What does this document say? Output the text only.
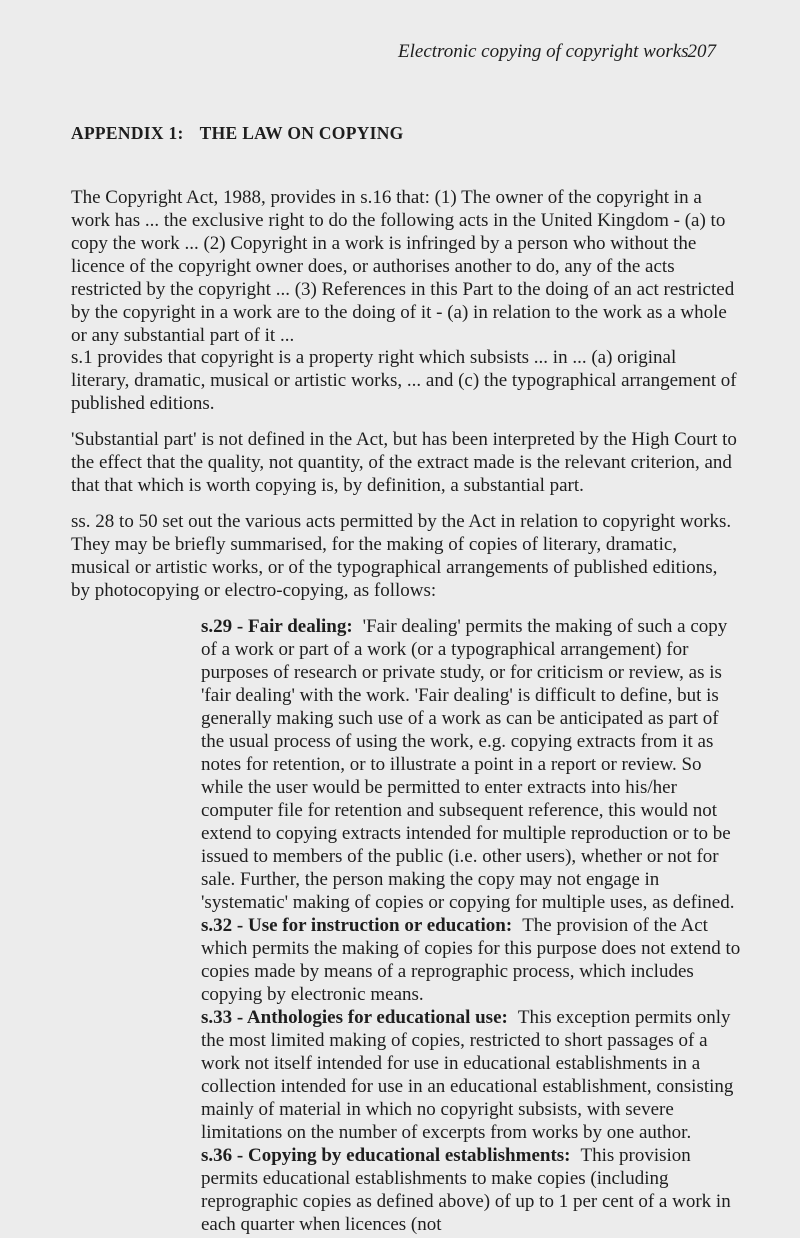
Electronic copying of copyright works
207
APPENDIX 1: THE LAW ON COPYING

The Copyright Act, 1988, provides in s.16 that: (1) The owner of the copyright in a work has ... the exclusive right to do the following acts in the United Kingdom - (a) to copy the work ... (2) Copyright in a work is infringed by a person who without the licence of the copyright owner does, or authorises another to do, any of the acts restricted by the copyright ... (3) References in this Part to the doing of an act restricted by the copyright in a work are to the doing of it - (a) in relation to the work as a whole or any substantial part of it ...

s.1 provides that copyright is a property right which subsists ... in ... (a) original literary, dramatic, musical or artistic works, ... and (c) the typographical arrangement of published editions.

'Substantial part' is not defined in the Act, but has been interpreted by the High Court to the effect that the quality, not quantity, of the extract made is the relevant criterion, and that that which is worth copying is, by definition, a substantial part.

ss. 28 to 50 set out the various acts permitted by the Act in relation to copyright works. They may be briefly summarised, for the making of copies of literary, dramatic, musical or artistic works, or of the typographical arrangements of published editions, by photocopying or electro-copying, as follows:

s.29 - Fair dealing: 'Fair dealing' permits the making of such a copy of a work or part of a work (or a typographical arrangement) for purposes of research or private study, or for criticism or review, as is 'fair dealing' with the work. 'Fair dealing' is difficult to define, but is generally making such use of a work as can be anticipated as part of the usual process of using the work, e.g. copying extracts from it as notes for retention, or to illustrate a point in a report or review. So while the user would be permitted to enter extracts into his/her computer file for retention and subsequent reference, this would not extend to copying extracts intended for multiple reproduction or to be issued to members of the public (i.e. other users), whether or not for sale. Further, the person making the copy may not engage in 'systematic' making of copies or copying for multiple uses, as defined.

s.32 - Use for instruction or education: The provision of the Act which permits the making of copies for this purpose does not extend to copies made by means of a reprographic process, which includes copying by electronic means.

s.33 - Anthologies for educational use: This exception permits only the most limited making of copies, restricted to short passages of a work not itself intended for use in educational establishments in a collection intended for use in an educational establishment, consisting mainly of material in which no copyright subsists, with severe limitations on the number of excerpts from works by one author.

s.36 - Copying by educational establishments: This provision permits educational establishments to make copies (including reprographic copies as defined above) of up to 1 per cent of a work in each quarter when licences (not
